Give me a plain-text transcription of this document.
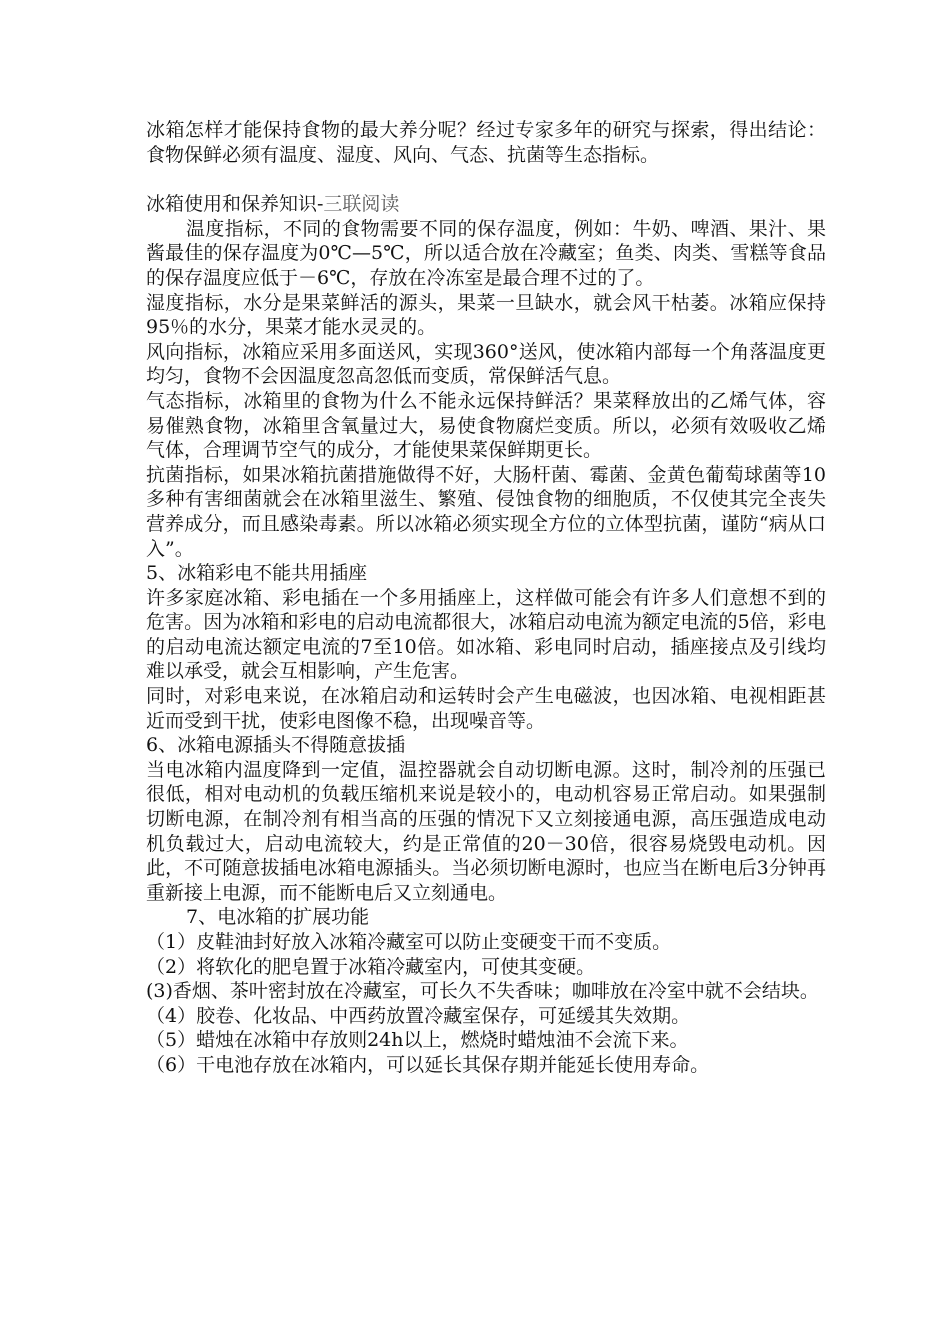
冰箱怎样才能保持食物的最大养分呢？经过专家多年的研究与探索，得出结论：食物保鲜必须有温度、湿度、风向、气态、抗菌等生态指标。

冰箱使用和保养知识-三联阅读

温度指标，不同的食物需要不同的保存温度，例如：牛奶、啤酒、果汁、果酱最佳的保存温度为0℃—5℃，所以适合放在冷藏室；鱼类、肉类、雪糕等食品的保存温度应低于－6℃，存放在冷冻室是最合理不过的了。

湿度指标，水分是果菜鲜活的源头，果菜一旦缺水，就会风干枯萎。冰箱应保持95％的水分，果菜才能水灵灵的。

风向指标，冰箱应采用多面送风，实现360°送风，使冰箱内部每一个角落温度更均匀，食物不会因温度忽高忽低而变质，常保鲜活气息。

气态指标，冰箱里的食物为什么不能永远保持鲜活？果菜释放出的乙烯气体，容易催熟食物，冰箱里含氧量过大，易使食物腐烂变质。所以，必须有效吸收乙烯气体，合理调节空气的成分，才能使果菜保鲜期更长。

抗菌指标，如果冰箱抗菌措施做得不好，大肠杆菌、霉菌、金黄色葡萄球菌等10多种有害细菌就会在冰箱里滋生、繁殖、侵蚀食物的细胞质，不仅使其完全丧失营养成分，而且感染毒素。所以冰箱必须实现全方位的立体型抗菌，谨防“病从口入”。

5、冰箱彩电不能共用插座

许多家庭冰箱、彩电插在一个多用插座上，这样做可能会有许多人们意想不到的危害。因为冰箱和彩电的启动电流都很大，冰箱启动电流为额定电流的5倍，彩电的启动电流达额定电流的7至10倍。如冰箱、彩电同时启动，插座接点及引线均难以承受，就会互相影响，产生危害。

同时，对彩电来说，在冰箱启动和运转时会产生电磁波，也因冰箱、电视相距甚近而受到干扰，使彩电图像不稳，出现噪音等。

6、冰箱电源插头不得随意拔插

当电冰箱内温度降到一定值，温控器就会自动切断电源。这时，制冷剂的压强已很低，相对电动机的负载压缩机来说是较小的，电动机容易正常启动。如果强制切断电源，在制冷剂有相当高的压强的情况下又立刻接通电源，高压强造成电动机负载过大，启动电流较大，约是正常值的20－30倍，很容易烧毁电动机。因此，不可随意拔插电冰箱电源插头。当必须切断电源时，也应当在断电后3分钟再重新接上电源，而不能断电后又立刻通电。

7、电冰箱的扩展功能

（1）皮鞋油封好放入冰箱冷藏室可以防止变硬变干而不变质。

（2）将软化的肥皂置于冰箱冷藏室内，可使其变硬。

(3)香烟、茶叶密封放在冷藏室，可长久不失香味；咖啡放在冷室中就不会结块。

（4）胶卷、化妆品、中西药放置冷藏室保存，可延缓其失效期。

（5）蜡烛在冰箱中存放则24h以上，燃烧时蜡烛油不会流下来。

（6）干电池存放在冰箱内，可以延长其保存期并能延长使用寿命。
